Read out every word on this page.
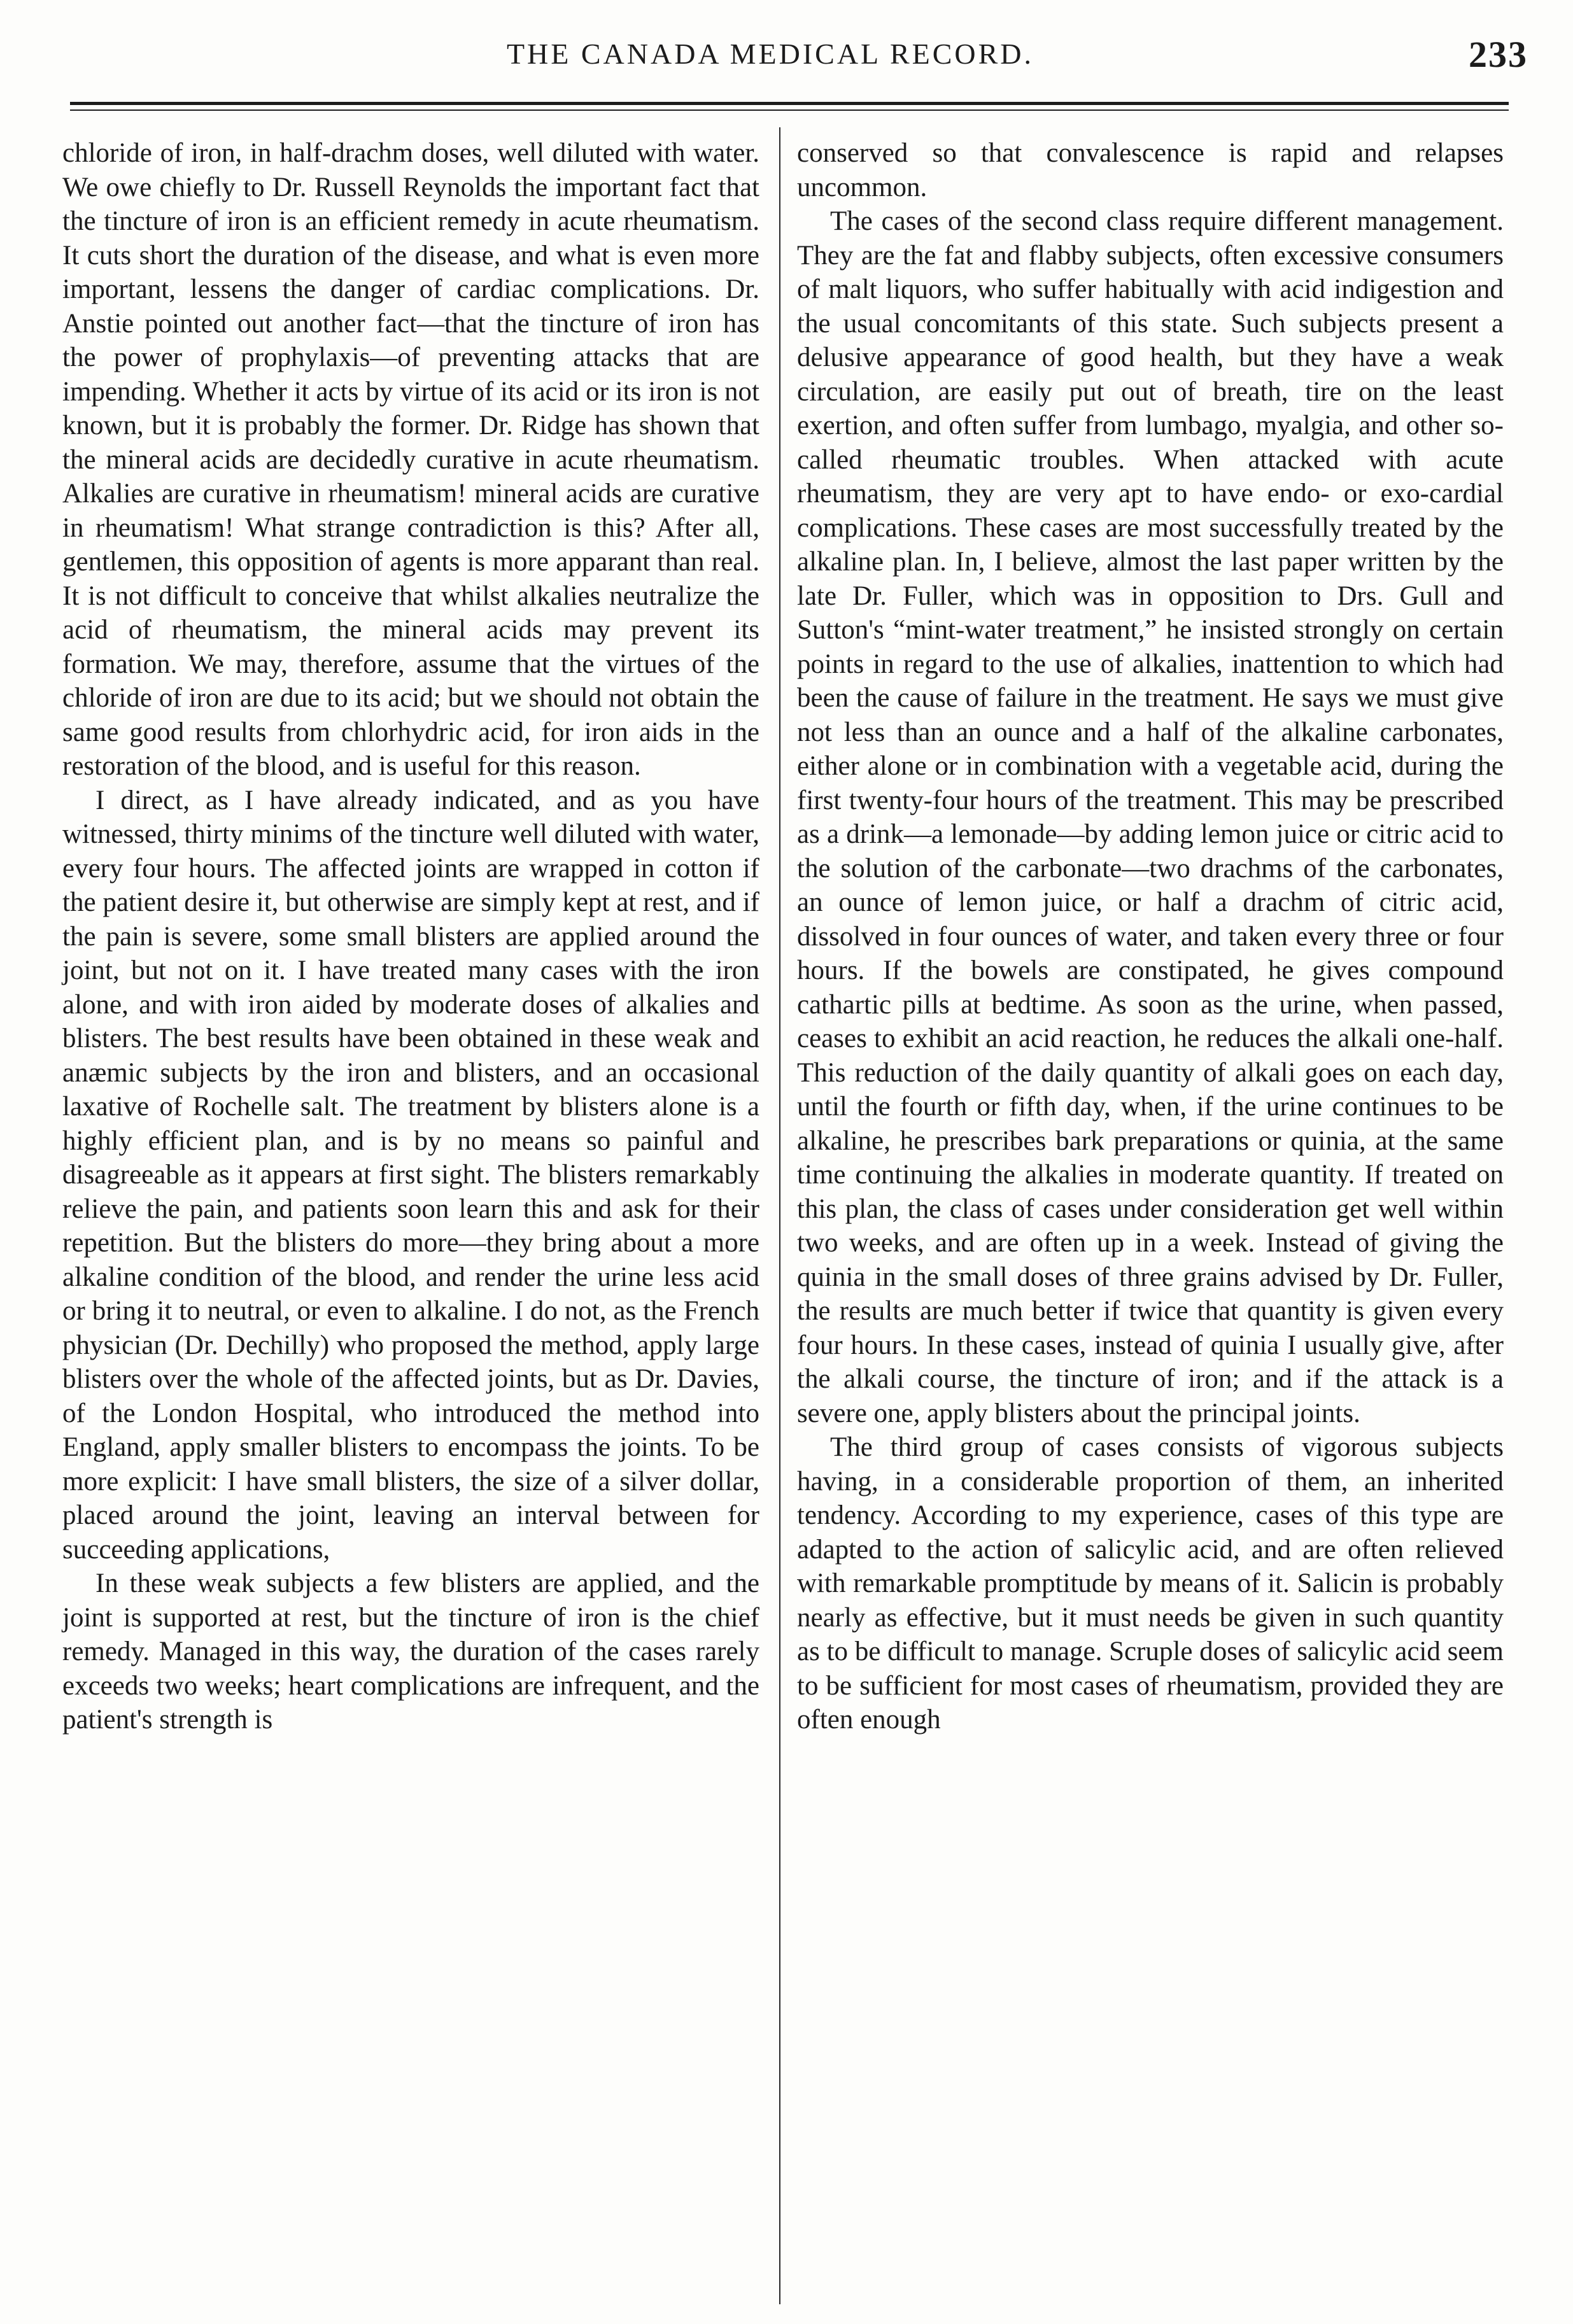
THE CANADA MEDICAL RECORD.	233

chloride of iron, in half-drachm doses, well diluted with water. We owe chiefly to Dr. Russell Reynolds the important fact that the tincture of iron is an efficient remedy in acute rheumatism. It cuts short the duration of the disease, and what is even more important, lessens the danger of cardiac complications. Dr. Anstie pointed out another fact—that the tincture of iron has the power of prophylaxis—of preventing attacks that are impending. Whether it acts by virtue of its acid or its iron is not known, but it is probably the former. Dr. Ridge has shown that the mineral acids are decidedly curative in acute rheumatism. Alkalies are curative in rheumatism! mineral acids are curative in rheumatism! What strange contradiction is this? After all, gentlemen, this opposition of agents is more apparant than real. It is not difficult to conceive that whilst alkalies neutralize the acid of rheumatism, the mineral acids may prevent its formation. We may, therefore, assume that the virtues of the chloride of iron are due to its acid; but we should not obtain the same good results from chlorhydric acid, for iron aids in the restoration of the blood, and is useful for this reason.

I direct, as I have already indicated, and as you have witnessed, thirty minims of the tincture well diluted with water, every four hours. The affected joints are wrapped in cotton if the patient desire it, but otherwise are simply kept at rest, and if the pain is severe, some small blisters are applied around the joint, but not on it. I have treated many cases with the iron alone, and with iron aided by moderate doses of alkalies and blisters. The best results have been obtained in these weak and anæmic subjects by the iron and blisters, and an occasional laxative of Rochelle salt. The treatment by blisters alone is a highly efficient plan, and is by no means so painful and disagreeable as it appears at first sight. The blisters remarkably relieve the pain, and patients soon learn this and ask for their repetition. But the blisters do more—they bring about a more alkaline condition of the blood, and render the urine less acid or bring it to neutral, or even to alkaline. I do not, as the French physician (Dr. Dechilly) who proposed the method, apply large blisters over the whole of the affected joints, but as Dr. Davies, of the London Hospital, who introduced the method into England, apply smaller blisters to encompass the joints. To be more explicit: I have small blisters, the size of a silver dollar, placed around the joint, leaving an interval between for succeeding applications,

In these weak subjects a few blisters are applied, and the joint is supported at rest, but the tincture of iron is the chief remedy. Managed in this way, the duration of the cases rarely exceeds two weeks; heart complications are infrequent, and the patient's strength is

conserved so that convalescence is rapid and relapses uncommon.

The cases of the second class require different management. They are the fat and flabby subjects, often excessive consumers of malt liquors, who suffer habitually with acid indigestion and the usual concomitants of this state. Such subjects present a delusive appearance of good health, but they have a weak circulation, are easily put out of breath, tire on the least exertion, and often suffer from lumbago, myalgia, and other so-called rheumatic troubles. When attacked with acute rheumatism, they are very apt to have endo- or exo-cardial complications. These cases are most successfully treated by the alkaline plan. In, I believe, almost the last paper written by the late Dr. Fuller, which was in opposition to Drs. Gull and Sutton's “mint-water treatment,” he insisted strongly on certain points in regard to the use of alkalies, inattention to which had been the cause of failure in the treatment. He says we must give not less than an ounce and a half of the alkaline carbonates, either alone or in combination with a vegetable acid, during the first twenty-four hours of the treatment. This may be prescribed as a drink—a lemonade—by adding lemon juice or citric acid to the solution of the carbonate—two drachms of the carbonates, an ounce of lemon juice, or half a drachm of citric acid, dissolved in four ounces of water, and taken every three or four hours. If the bowels are constipated, he gives compound cathartic pills at bedtime. As soon as the urine, when passed, ceases to exhibit an acid reaction, he reduces the alkali one-half. This reduction of the daily quantity of alkali goes on each day, until the fourth or fifth day, when, if the urine continues to be alkaline, he prescribes bark preparations or quinia, at the same time continuing the alkalies in moderate quantity. If treated on this plan, the class of cases under consideration get well within two weeks, and are often up in a week. Instead of giving the quinia in the small doses of three grains advised by Dr. Fuller, the results are much better if twice that quantity is given every four hours. In these cases, instead of quinia I usually give, after the alkali course, the tincture of iron; and if the attack is a severe one, apply blisters about the principal joints.

The third group of cases consists of vigorous subjects having, in a considerable proportion of them, an inherited tendency. According to my experience, cases of this type are adapted to the action of salicylic acid, and are often relieved with remarkable promptitude by means of it. Salicin is probably nearly as effective, but it must needs be given in such quantity as to be difficult to manage. Scruple doses of salicylic acid seem to be sufficient for most cases of rheumatism, provided they are often enough
